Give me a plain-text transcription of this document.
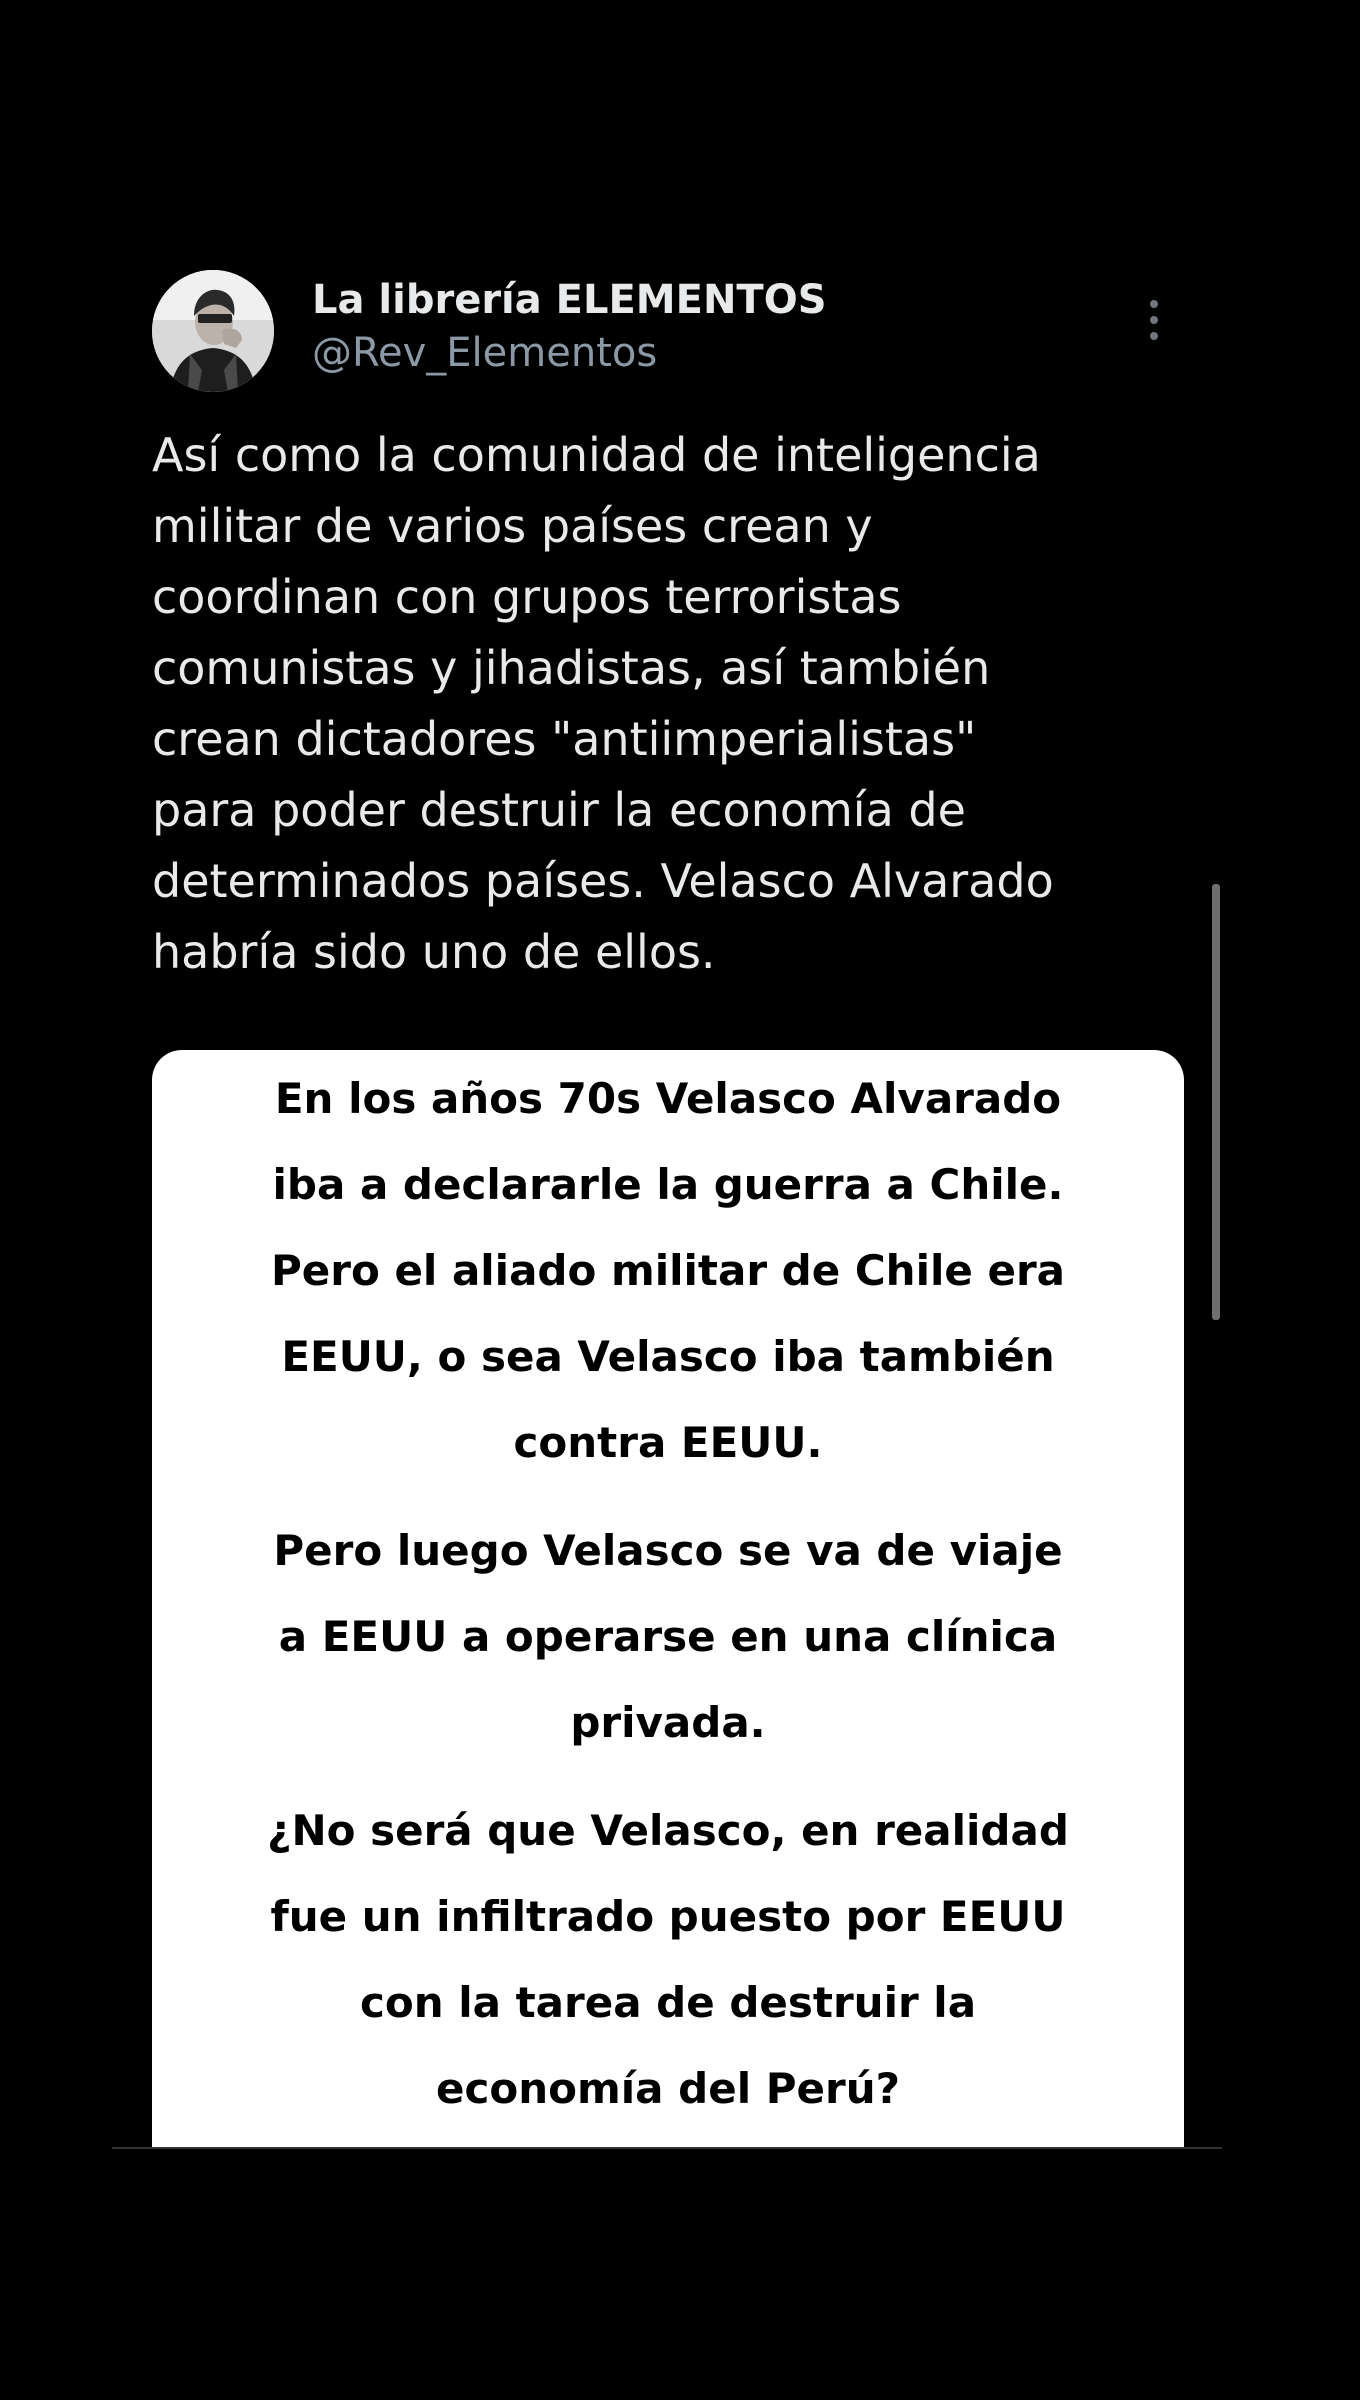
La librería ELEMENTOS
@Rev_Elementos

Así como la comunidad de inteligencia
militar de varios países crean y
coordinan con grupos terroristas
comunistas y jihadistas, así también
crean dictadores "antiimperialistas"
para poder destruir la economía de
determinados países. Velasco Alvarado
habría sido uno de ellos.

En los años 70s Velasco Alvarado
iba a declararle la guerra a Chile.
Pero el aliado militar de Chile era
EEUU, o sea Velasco iba también
contra EEUU.

Pero luego Velasco se va de viaje
a EEUU a operarse en una clínica
privada.

¿No será que Velasco, en realidad
fue un infiltrado puesto por EEUU
con la tarea de destruir la
economía del Perú?
